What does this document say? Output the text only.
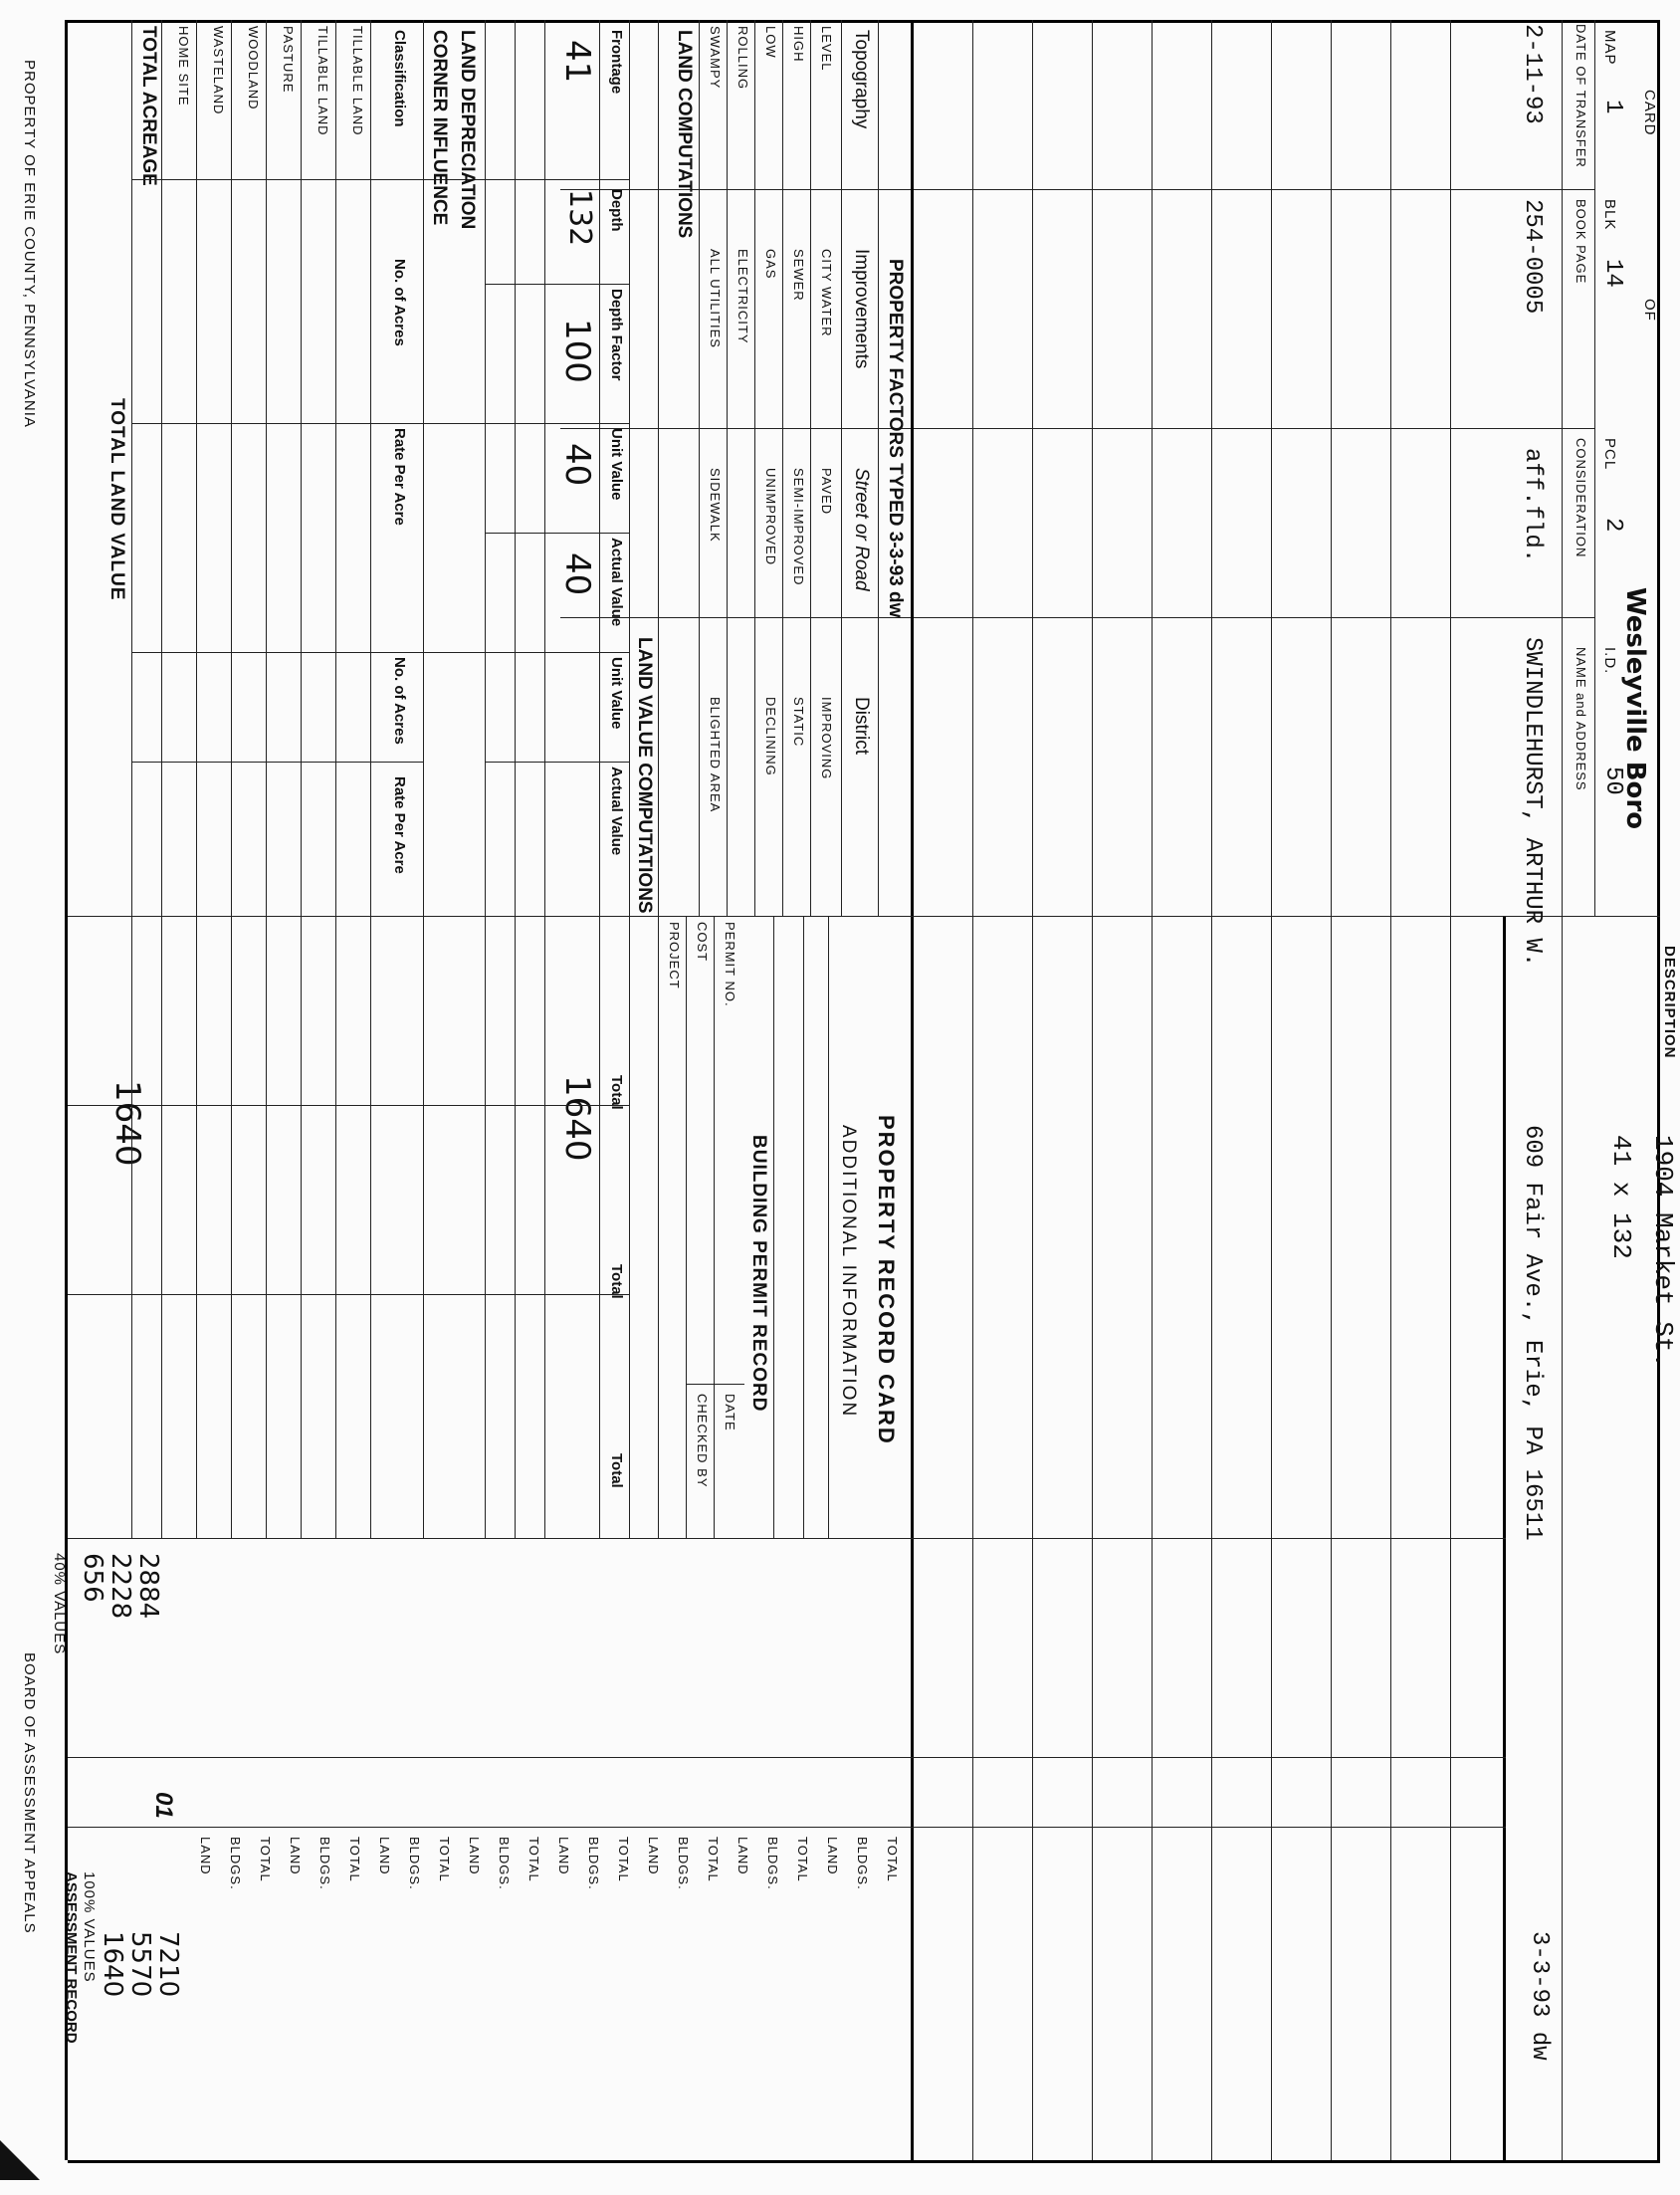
CARD
OF
Wesleyville Boro
MAP
1
BLK
14
PCL
2
I.D.
50
DESCRIPTION
1904 Market St.
41 x 132
3-3-93 dw
DATE OF TRANSFER
BOOK PAGE
CONSIDERATION
NAME and ADDRESS
2-11-93
254-0005
aff.fld.
SWINDLEHURST, ARTHUR W.
609 Fair Ave., Erie, PA 16511
PROPERTY FACTORS TYPED 3-3-93 dw
Topography
Improvements
Street or Road
District
LEVEL
HIGH
LOW
ROLLING
SWAMPY
CITY WATER
SEWER
GAS
ELECTRICITY
ALL UTILITIES
PAVED
SEMI-IMPROVED
UNIMPROVED
SIDEWALK
IMPROVING
STATIC
DECLINING
BLIGHTED AREA
PROPERTY RECORD CARD
ADDITIONAL INFORMATION
BUILDING PERMIT RECORD
PERMIT NO.
DATE
COST
CHECKED BY
PROJECT
LAND COMPUTATIONS
LAND VALUE COMPUTATIONS
Frontage
Depth
Depth Factor
Unit Value
Actual Value
Unit Value
Actual Value
Total
Total
Total
41
132
100
40
40
1640
LAND DEPRECIATION
CORNER INFLUENCE
Classification
No. of Acres
Rate Per Acre
No. of Acres
Rate Per Acre
TILLABLE LAND
TILLABLE LAND
PASTURE
WOODLAND
WASTELAND
HOME SITE
TOTAL ACREAGE
TOTAL LAND VALUE
1640
40% VALUES 656
2228
2884
01
ASSESSMENT RECORD 100% VALUES 1640
5570
7210
LAND BLDGS. TOTAL LAND BLDGS. TOTAL LAND BLDGS. TOTAL LAND BLDGS. TOTAL LAND BLDGS. TOTAL LAND BLDGS. TOTAL LAND BLDGS. TOTAL LAND BLDGS. TOTAL
PROPERTY OF ERIE COUNTY, PENNSYLVANIA
BOARD OF ASSESSMENT APPEALS
